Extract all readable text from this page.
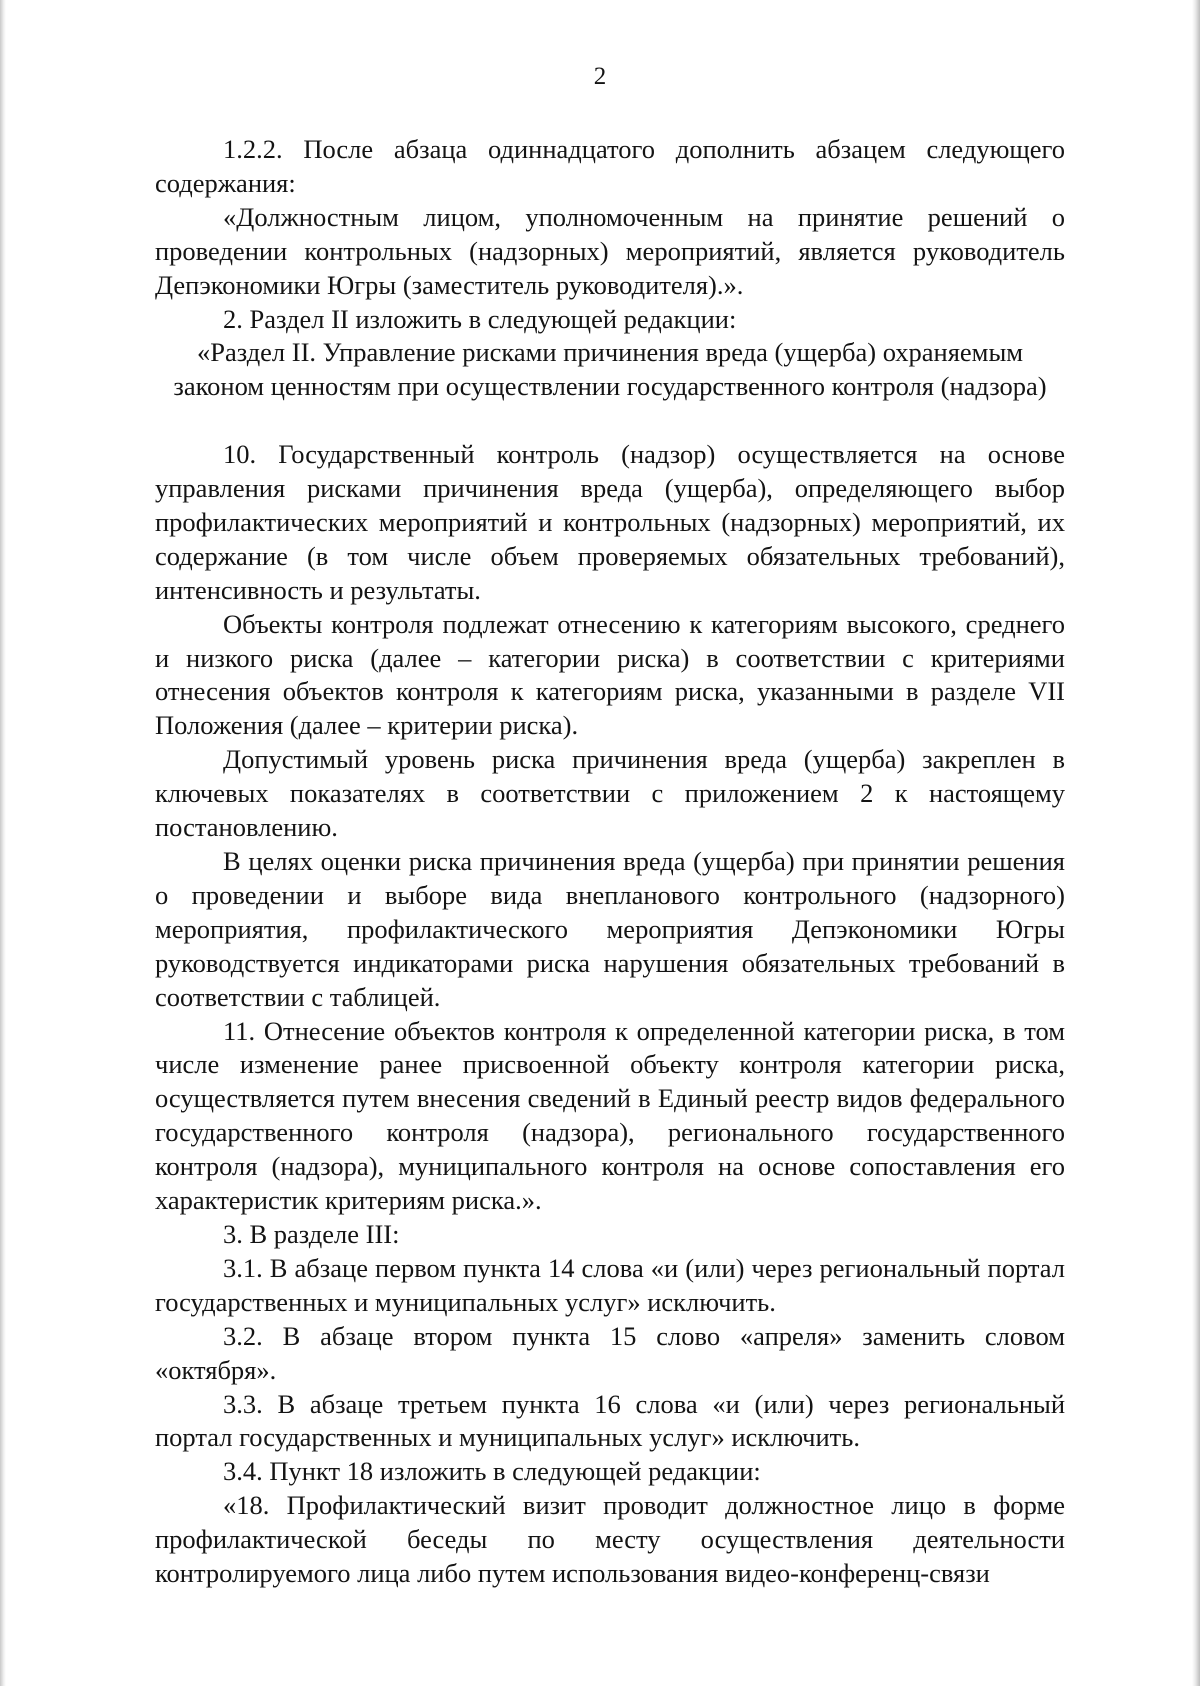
2

1.2.2. После абзаца одиннадцатого дополнить абзацем следующего содержания:

«Должностным лицом, уполномоченным на принятие решений о проведении контрольных (надзорных) мероприятий, является руководитель Депэкономики Югры (заместитель руководителя).».

2. Раздел II изложить в следующей редакции:

«Раздел II. Управление рисками причинения вреда (ущерба) охраняемым законом ценностям при осуществлении государственного контроля (надзора)

10. Государственный контроль (надзор) осуществляется на основе управления рисками причинения вреда (ущерба), определяющего выбор профилактических мероприятий и контрольных (надзорных) мероприятий, их содержание (в том числе объем проверяемых обязательных требований), интенсивность и результаты.

Объекты контроля подлежат отнесению к категориям высокого, среднего и низкого риска (далее – категории риска) в соответствии с критериями отнесения объектов контроля к категориям риска, указанными в разделе VII Положения (далее – критерии риска).

Допустимый уровень риска причинения вреда (ущерба) закреплен в ключевых показателях в соответствии с приложением 2 к настоящему постановлению.

В целях оценки риска причинения вреда (ущерба) при принятии решения о проведении и выборе вида внепланового контрольного (надзорного) мероприятия, профилактического мероприятия Депэкономики Югры руководствуется индикаторами риска нарушения обязательных требований в соответствии с таблицей.

11. Отнесение объектов контроля к определенной категории риска, в том числе изменение ранее присвоенной объекту контроля категории риска, осуществляется путем внесения сведений в Единый реестр видов федерального государственного контроля (надзора), регионального государственного контроля (надзора), муниципального контроля на основе сопоставления его характеристик критериям риска.».

3. В разделе III:

3.1. В абзаце первом пункта 14 слова «и (или) через региональный портал государственных и муниципальных услуг» исключить.

3.2. В абзаце втором пункта 15 слово «апреля» заменить словом «октября».

3.3. В абзаце третьем пункта 16 слова «и (или) через региональный портал государственных и муниципальных услуг» исключить.

3.4. Пункт 18 изложить в следующей редакции:

«18. Профилактический визит проводит должностное лицо в форме профилактической беседы по месту осуществления деятельности контролируемого лица либо путем использования видео-конференц-связи
